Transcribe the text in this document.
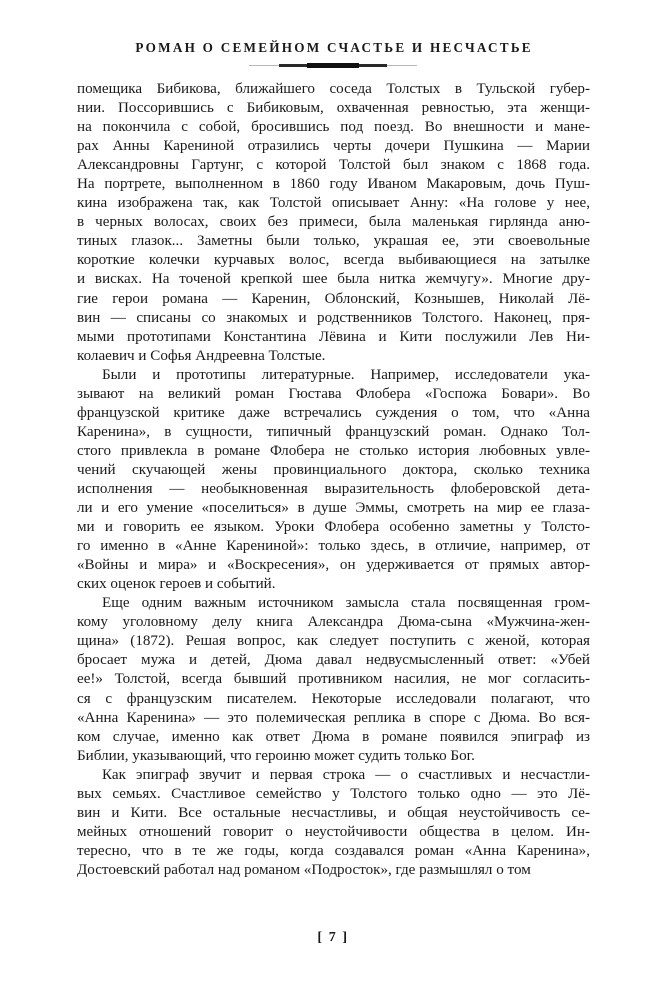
РОМАН О СЕМЕЙНОМ СЧАСТЬЕ И НЕСЧАСТЬЕ

помещика Бибикова, ближайшего соседа Толстых в Тульской губер-
нии. Поссорившись с Бибиковым, охваченная ревностью, эта женщи-
на покончила с собой, бросившись под поезд. Во внешности и мане-
рах Анны Карениной отразились черты дочери Пушкина — Марии
Александровны Гартунг, с которой Толстой был знаком с 1868 года.
На портрете, выполненном в 1860 году Иваном Макаровым, дочь Пуш-
кина изображена так, как Толстой описывает Анну: «На голове у нее,
в черных волосах, своих без примеси, была маленькая гирлянда аню-
тиных глазок... Заметны были только, украшая ее, эти своевольные
короткие колечки курчавых волос, всегда выбивающиеся на затылке
и висках. На точеной крепкой шее была нитка жемчугу». Многие дру-
гие герои романа — Каренин, Облонский, Кознышев, Николай Лё-
вин — списаны со знакомых и родственников Толстого. Наконец, пря-
мыми прототипами Константина Лёвина и Кити послужили Лев Ни-
колаевич и Софья Андреевна Толстые.

Были и прототипы литературные. Например, исследователи ука-
зывают на великий роман Гюстава Флобера «Госпожа Бовари». Во
французской критике даже встречались суждения о том, что «Анна
Каренина», в сущности, типичный французский роман. Однако Тол-
стого привлекла в романе Флобера не столько история любовных увле-
чений скучающей жены провинциального доктора, сколько техника
исполнения — необыкновенная выразительность флоберовской дета-
ли и его умение «поселиться» в душе Эммы, смотреть на мир ее глаза-
ми и говорить ее языком. Уроки Флобера особенно заметны у Толсто-
го именно в «Анне Карениной»: только здесь, в отличие, например, от
«Войны и мира» и «Воскресения», он удерживается от прямых автор-
ских оценок героев и событий.

Еще одним важным источником замысла стала посвященная гром-
кому уголовному делу книга Александра Дюма-сына «Мужчина-жен-
щина» (1872). Решая вопрос, как следует поступить с женой, которая
бросает мужа и детей, Дюма давал недвусмысленный ответ: «Убей
ее!» Толстой, всегда бывший противником насилия, не мог согласить-
ся с французским писателем. Некоторые исследовали полагают, что
«Анна Каренина» — это полемическая реплика в споре с Дюма. Во вся-
ком случае, именно как ответ Дюма в романе появился эпиграф из
Библии, указывающий, что героиню может судить только Бог.

Как эпиграф звучит и первая строка — о счастливых и несчастли-
вых семьях. Счастливое семейство у Толстого только одно — это Лё-
вин и Кити. Все остальные несчастливы, и общая неустойчивость се-
мейных отношений говорит о неустойчивости общества в целом. Ин-
тересно, что в те же годы, когда создавался роман «Анна Каренина»,
Достоевский работал над романом «Подросток», где размышлял о том

[ 7 ]
